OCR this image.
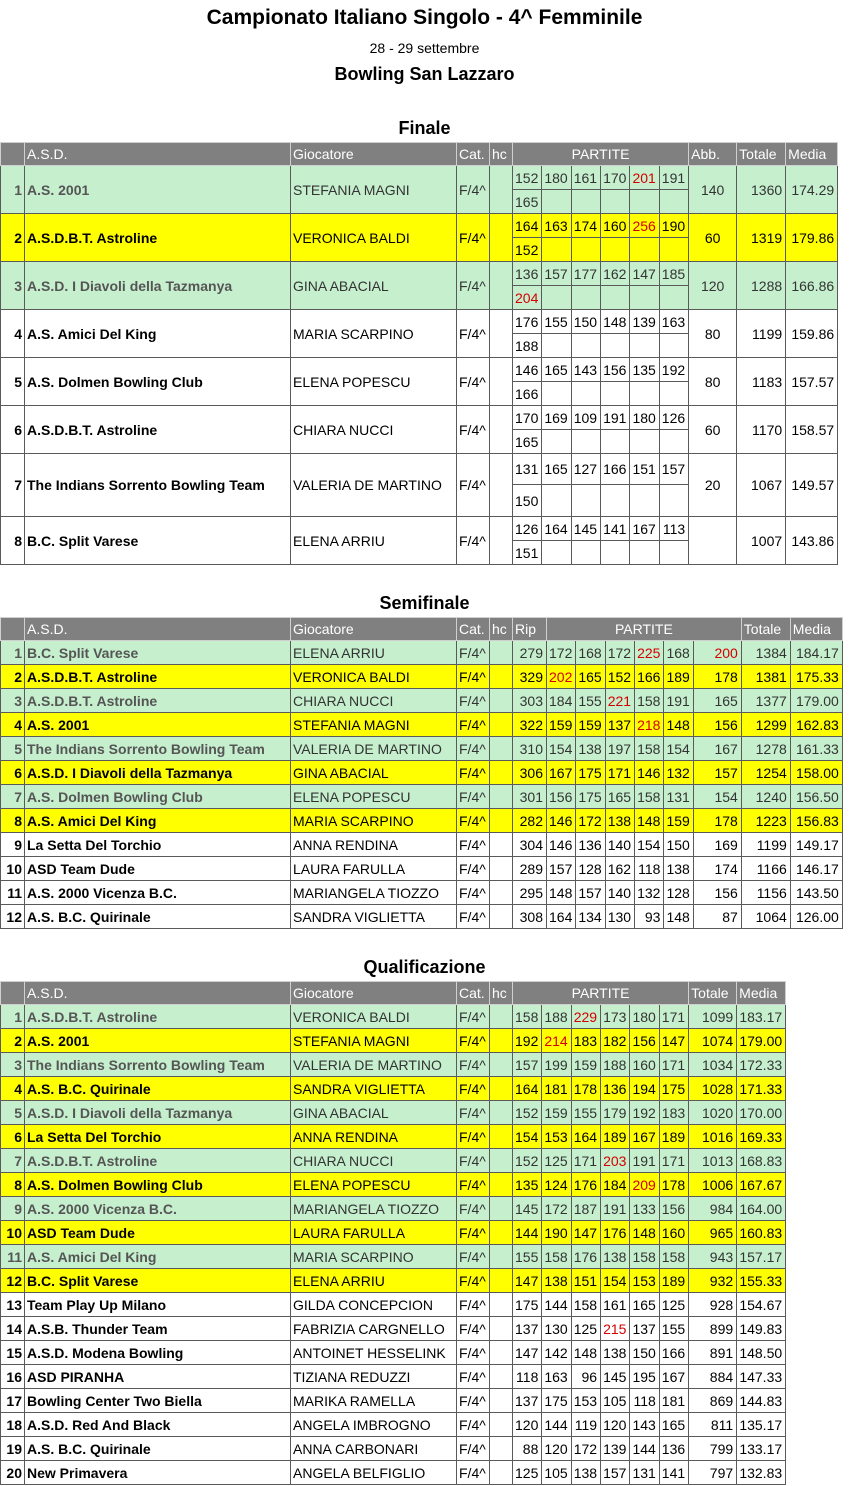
Campionato Italiano Singolo - 4^ Femminile
28 - 29 settembre
Bowling San Lazzaro
Finale
	A.S.D.	Giocatore	Cat.	hc	PARTITE						Abb.	Totale	Media
1	A.S. 2001	STEFANIA MAGNI	F/4^		152	180	161	170	201	191	140	1360	174.29
					165								
2	A.S.D.B.T. Astroline	VERONICA BALDI	F/4^		164	163	174	160	256	190	60	1319	179.86
					152								
3	A.S.D. I Diavoli della Tazmanya	GINA ABACIAL	F/4^		136	157	177	162	147	185	120	1288	166.86
					204								
4	A.S. Amici Del King	MARIA SCARPINO	F/4^		176	155	150	148	139	163	80	1199	159.86
					188								
5	A.S. Dolmen Bowling Club	ELENA POPESCU	F/4^		146	165	143	156	135	192	80	1183	157.57
					166								
6	A.S.D.B.T. Astroline	CHIARA NUCCI	F/4^		170	169	109	191	180	126	60	1170	158.57
					165								
7	The Indians Sorrento Bowling Team	VALERIA DE MARTINO	F/4^		131	165	127	166	151	157	20	1067	149.57
					150								
8	B.C. Split Varese	ELENA ARRIU	F/4^		126	164	145	141	167	113		1007	143.86
					151								
Semifinale
	A.S.D.	Giocatore	Cat.	hc	Rip	PARTITE						Totale	Media
1	B.C. Split Varese	ELENA ARRIU	F/4^		279	172	168	172	225	168	200	1384	184.17
2	A.S.D.B.T. Astroline	VERONICA BALDI	F/4^		329	202	165	152	166	189	178	1381	175.33
3	A.S.D.B.T. Astroline	CHIARA NUCCI	F/4^		303	184	155	221	158	191	165	1377	179.00
4	A.S. 2001	STEFANIA MAGNI	F/4^		322	159	159	137	218	148	156	1299	162.83
5	The Indians Sorrento Bowling Team	VALERIA DE MARTINO	F/4^		310	154	138	197	158	154	167	1278	161.33
6	A.S.D. I Diavoli della Tazmanya	GINA ABACIAL	F/4^		306	167	175	171	146	132	157	1254	158.00
7	A.S. Dolmen Bowling Club	ELENA POPESCU	F/4^		301	156	175	165	158	131	154	1240	156.50
8	A.S. Amici Del King	MARIA SCARPINO	F/4^		282	146	172	138	148	159	178	1223	156.83
9	La Setta Del Torchio	ANNA RENDINA	F/4^		304	146	136	140	154	150	169	1199	149.17
10	ASD Team Dude	LAURA FARULLA	F/4^		289	157	128	162	118	138	174	1166	146.17
11	A.S. 2000 Vicenza B.C.	MARIANGELA TIOZZO	F/4^		295	148	157	140	132	128	156	1156	143.50
12	A.S. B.C. Quirinale	SANDRA VIGLIETTA	F/4^		308	164	134	130	93	148	87	1064	126.00
Qualificazione
	A.S.D.	Giocatore	Cat.	hc	PARTITE						Totale	Media
1	A.S.D.B.T. Astroline	VERONICA BALDI	F/4^		158	188	229	173	180	171	1099	183.17
2	A.S. 2001	STEFANIA MAGNI	F/4^		192	214	183	182	156	147	1074	179.00
3	The Indians Sorrento Bowling Team	VALERIA DE MARTINO	F/4^		157	199	159	188	160	171	1034	172.33
4	A.S. B.C. Quirinale	SANDRA VIGLIETTA	F/4^		164	181	178	136	194	175	1028	171.33
5	A.S.D. I Diavoli della Tazmanya	GINA ABACIAL	F/4^		152	159	155	179	192	183	1020	170.00
6	La Setta Del Torchio	ANNA RENDINA	F/4^		154	153	164	189	167	189	1016	169.33
7	A.S.D.B.T. Astroline	CHIARA NUCCI	F/4^		152	125	171	203	191	171	1013	168.83
8	A.S. Dolmen Bowling Club	ELENA POPESCU	F/4^		135	124	176	184	209	178	1006	167.67
9	A.S. 2000 Vicenza B.C.	MARIANGELA TIOZZO	F/4^		145	172	187	191	133	156	984	164.00
10	ASD Team Dude	LAURA FARULLA	F/4^		144	190	147	176	148	160	965	160.83
11	A.S. Amici Del King	MARIA SCARPINO	F/4^		155	158	176	138	158	158	943	157.17
12	B.C. Split Varese	ELENA ARRIU	F/4^		147	138	151	154	153	189	932	155.33
13	Team Play Up Milano	GILDA CONCEPCION	F/4^		175	144	158	161	165	125	928	154.67
14	A.S.B. Thunder Team	FABRIZIA CARGNELLO	F/4^		137	130	125	215	137	155	899	149.83
15	A.S.D. Modena Bowling	ANTOINET HESSELINK	F/4^		147	142	148	138	150	166	891	148.50
16	ASD PIRANHA	TIZIANA REDUZZI	F/4^		118	163	96	145	195	167	884	147.33
17	Bowling Center Two Biella	MARIKA RAMELLA	F/4^		137	175	153	105	118	181	869	144.83
18	A.S.D. Red And Black	ANGELA IMBROGNO	F/4^		120	144	119	120	143	165	811	135.17
19	A.S. B.C. Quirinale	ANNA CARBONARI	F/4^		88	120	172	139	144	136	799	133.17
20	New Primavera	ANGELA BELFIGLIO	F/4^		125	105	138	157	131	141	797	132.83
